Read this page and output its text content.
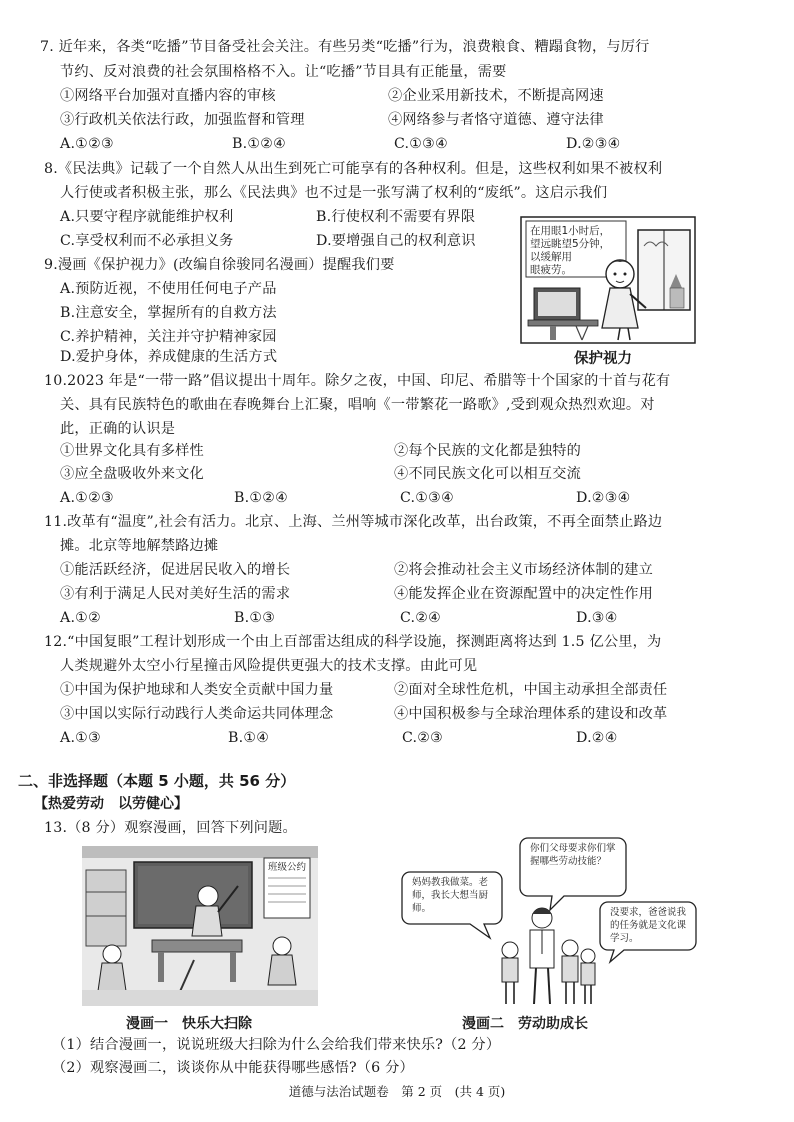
7. 近年来，各类“吃播”节目备受社会关注。有些另类“吃播”行为，浪费粮食、糟蹋食物，与厉行
节约、反对浪费的社会氛围格格不入。让“吃播”节目具有正能量，需要
①网络平台加强对直播内容的审核	②企业采用新技术，不断提高网速
③行政机关依法行政，加强监督和管理	④网络参与者恪守道德、遵守法律
A.①②③	B.①②④	C.①③④	D.②③④
8.《民法典》记载了一个自然人从出生到死亡可能享有的各种权利。但是，这些权利如果不被权利
人行使或者积极主张，那么《民法典》也不过是一张写满了权利的“废纸”。这启示我们
A.只要守程序就能维护权利	B.行使权利不需要有界限
C.享受权利而不必承担义务	D.要增强自己的权利意识
9.漫画《保护视力》(改编自徐骏同名漫画）提醒我们要
A.预防近视，不使用任何电子产品
B.注意安全，掌握所有的自救方法
C.养护精神，关注并守护精神家园
D.爱护身体，养成健康的生活方式
在用眼1小时后，
望远眺望5分钟，
以缓解用
眼疲劳。
保护视力
10.2023 年是“一带一路”倡议提出十周年。除夕之夜，中国、印尼、希腊等十个国家的十首与花有
关、具有民族特色的歌曲在春晚舞台上汇聚，唱响《一带繁花一路歌》,受到观众热烈欢迎。对
此，正确的认识是
①世界文化具有多样性	②每个民族的文化都是独特的
③应全盘吸收外来文化	④不同民族文化可以相互交流
A.①②③	B.①②④	C.①③④	D.②③④
11.改革有“温度”,社会有活力。北京、上海、兰州等城市深化改革，出台政策，不再全面禁止路边
摊。北京等地解禁路边摊
①能活跃经济，促进居民收入的增长	②将会推动社会主义市场经济体制的建立
③有利于满足人民对美好生活的需求	④能发挥企业在资源配置中的决定性作用
A.①②	B.①③	C.②④	D.③④
12.“中国复眼”工程计划形成一个由上百部雷达组成的科学设施，探测距离将达到 1.5 亿公里，为
人类规避外太空小行星撞击风险提供更强大的技术支撑。由此可见
①中国为保护地球和人类安全贡献中国力量	②面对全球性危机，中国主动承担全部责任
③中国以实际行动践行人类命运共同体理念	④中国积极参与全球治理体系的建设和改革
A.①③	B.①④	C.②③	D.②④
二、非选择题（本题 5 小题，共 56 分）
【热爱劳动　以劳健心】
13.（8 分）观察漫画，回答下列问题。
班级公约
漫画一　快乐大扫除
你们父母要求你们掌握哪些劳动技能？
妈妈教我做菜。老师，我长大想当厨师。	没要求，爸爸说我的任务就是文化课学习。
漫画二　劳动助成长
（1）结合漫画一，说说班级大扫除为什么会给我们带来快乐?（2 分）
（2）观察漫画二，谈谈你从中能获得哪些感悟?（6 分）
道德与法治试题卷　第 2 页　(共 4 页)
